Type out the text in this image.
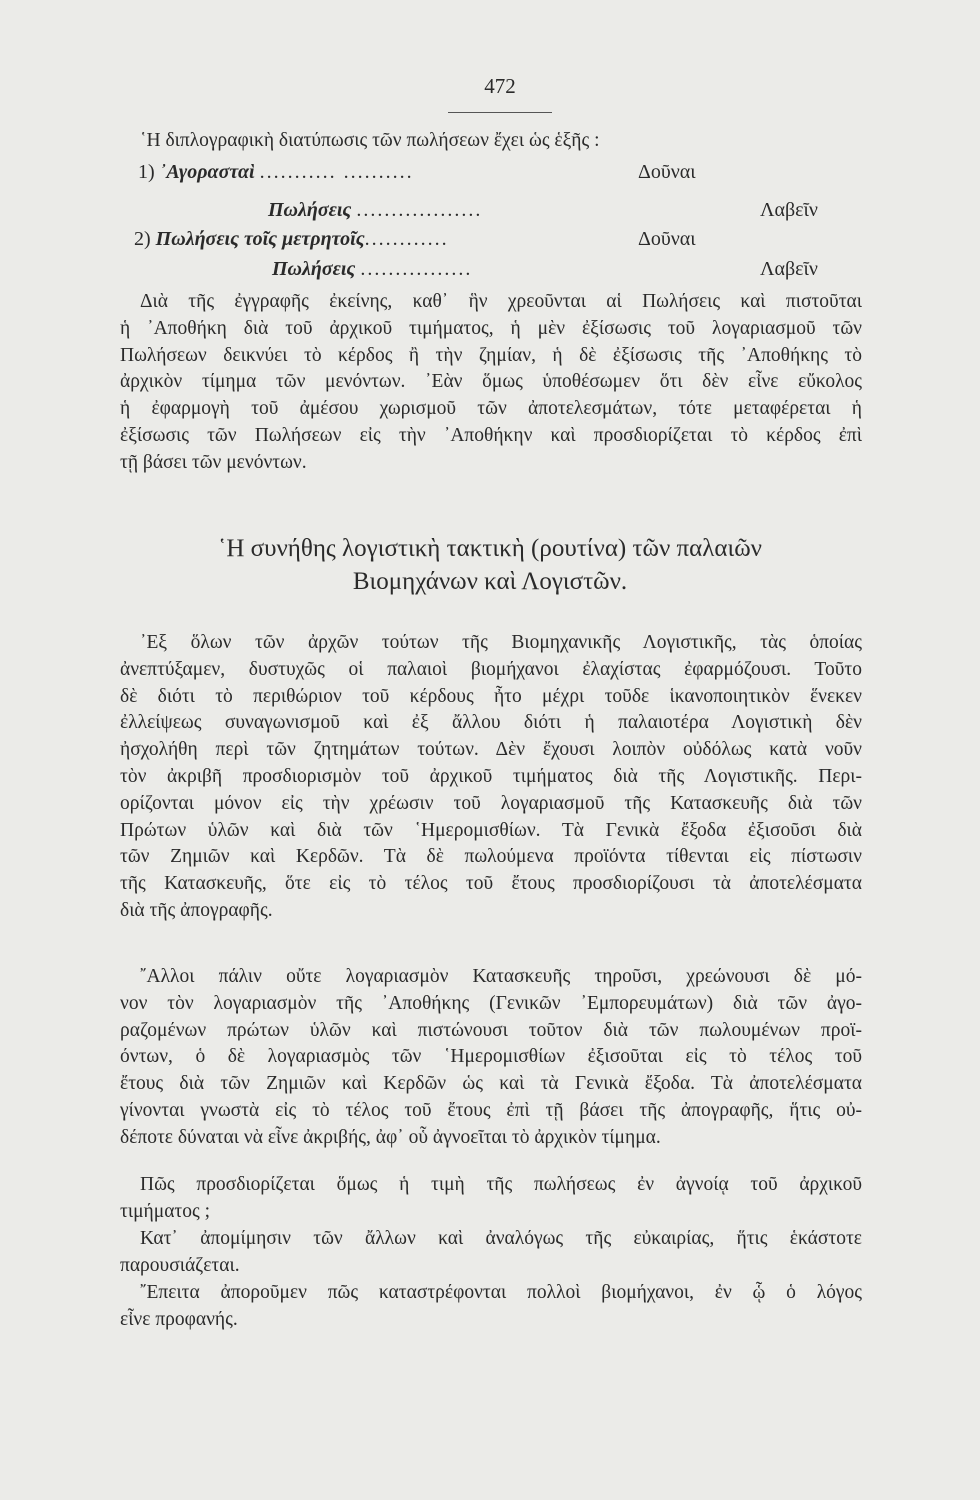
472
῾Η διπλογραφικὴ διατύπωσις τῶν πωλήσεων ἔχει ὡς ἑξῆς :
1) ᾿Αγορασταὶ ........... ..........	Δοῦναι
Πωλήσεις ..................	Λαβεῖν
2) Πωλήσεις τοῖς μετρητοῖς............	Δοῦναι
Πωλήσεις ................	Λαβεῖν
Διὰ τῆς ἐγγραφῆς ἐκείνης, καθ᾿ ἣν χρεοῦνται αἱ Πωλήσεις καὶ πιστοῦται
ἡ ᾿Αποθήκη διὰ τοῦ ἀρχικοῦ τιμήματος, ἡ μὲν ἐξίσωσις τοῦ λογαριασμοῦ τῶν
Πωλήσεων δεικνύει τὸ κέρδος ἢ τὴν ζημίαν, ἡ δὲ ἐξίσωσις τῆς ᾿Αποθήκης τὸ
ἀρχικὸν τίμημα τῶν μενόντων. ᾿Εὰν ὅμως ὑποθέσωμεν ὅτι δὲν εἶνε εὔκολος
ἡ ἐφαρμογὴ τοῦ ἀμέσου χωρισμοῦ τῶν ἀποτελεσμάτων, τότε μεταφέρεται ἡ
ἐξίσωσις τῶν Πωλήσεων εἰς τὴν ᾿Αποθήκην καὶ προσδιορίζεται τὸ κέρδος ἐπὶ
τῇ βάσει τῶν μενόντων.
῾Η συνήθης λογιστικὴ τακτικὴ (ρουτίνα) τῶν παλαιῶν
Βιομηχάνων καὶ Λογιστῶν.
᾿Εξ ὅλων τῶν ἀρχῶν τούτων τῆς Βιομηχανικῆς Λογιστικῆς, τὰς ὁποίας
ἀνεπτύξαμεν, δυστυχῶς οἱ παλαιοὶ βιομήχανοι ἐλαχίστας ἐφαρμόζουσι. Τοῦτο
δὲ διότι τὸ περιθώριον τοῦ κέρδους ἦτο μέχρι τοῦδε ἱκανοποιητικὸν ἕνεκεν
ἐλλείψεως συναγωνισμοῦ καὶ ἐξ ἄλλου διότι ἡ παλαιοτέρα Λογιστικὴ δὲν
ἠσχολήθη περὶ τῶν ζητημάτων τούτων. Δὲν ἔχουσι λοιπὸν οὐδόλως κατὰ νοῦν
τὸν ἀκριβῆ προσδιορισμὸν τοῦ ἀρχικοῦ τιμήματος διὰ τῆς Λογιστικῆς. Περι-
ορίζονται μόνον εἰς τὴν χρέωσιν τοῦ λογαριασμοῦ τῆς Κατασκευῆς διὰ τῶν
Πρώτων ὑλῶν καὶ διὰ τῶν ῾Ημερομισθίων. Τὰ Γενικὰ ἔξοδα ἐξισοῦσι διὰ
τῶν Ζημιῶν καὶ Κερδῶν. Τὰ δὲ πωλούμενα προϊόντα τίθενται εἰς πίστωσιν
τῆς Κατασκευῆς, ὅτε εἰς τὸ τέλος τοῦ ἔτους προσδιορίζουσι τὰ ἀποτελέσματα
διὰ τῆς ἀπογραφῆς.
῎Αλλοι πάλιν οὔτε λογαριασμὸν Κατασκευῆς τηροῦσι, χρεώνουσι δὲ μό-
νον τὸν λογαριασμὸν τῆς ᾿Αποθήκης (Γενικῶν ᾿Εμπορευμάτων) διὰ τῶν ἀγο-
ραζομένων πρώτων ὑλῶν καὶ πιστώνουσι τοῦτον διὰ τῶν πωλουμένων προϊ-
όντων, ὁ δὲ λογαριασμὸς τῶν ῾Ημερομισθίων ἐξισοῦται εἰς τὸ τέλος τοῦ
ἔτους διὰ τῶν Ζημιῶν καὶ Κερδῶν ὡς καὶ τὰ Γενικὰ ἔξοδα. Τὰ ἀποτελέσματα
γίνονται γνωστὰ εἰς τὸ τέλος τοῦ ἔτους ἐπὶ τῇ βάσει τῆς ἀπογραφῆς, ἥτις οὐ-
δέποτε δύναται νὰ εἶνε ἀκριβής, ἀφ᾿ οὗ ἀγνοεῖται τὸ ἀρχικὸν τίμημα.
Πῶς προσδιορίζεται ὅμως ἡ τιμὴ τῆς πωλήσεως ἐν ἀγνοίᾳ τοῦ ἀρχικοῦ
τιμήματος ;
Κατ᾿ ἀπομίμησιν τῶν ἄλλων καὶ ἀναλόγως τῆς εὐκαιρίας, ἥτις ἑκάστοτε
παρουσιάζεται.
῎Επειτα ἀποροῦμεν πῶς καταστρέφονται πολλοὶ βιομήχανοι, ἐν ᾧ ὁ λόγος
εἶνε προφανής.
